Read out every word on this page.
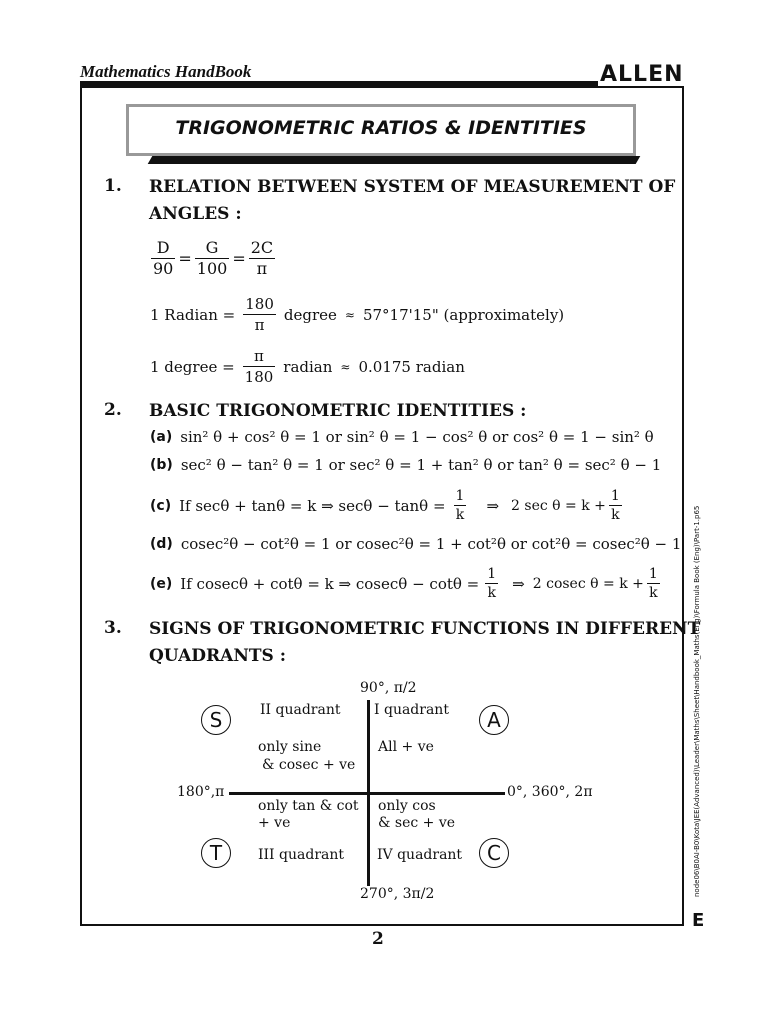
Mathematics HandBook	ALLEN
TRIGONOMETRIC RATIOS & IDENTITIES
1. RELATION BETWEEN SYSTEM OF MEASUREMENT OF
ANGLES :
$\frac{D}{90} = \frac{G}{100} = \frac{2C}{\pi}$
1 Radian = $\frac{180}{\pi}$ degree ≈ 57°17'15" (approximately)
1 degree = $\frac{\pi}{180}$ radian ≈ 0.0175 radian
2. BASIC TRIGONOMETRIC IDENTITIES :
(a) sin² θ + cos² θ = 1 or sin² θ = 1 − cos² θ or cos² θ = 1 − sin² θ
(b) sec² θ − tan² θ = 1 or sec² θ = 1 + tan² θ or tan² θ = sec² θ − 1
(c) If secθ + tanθ = k ⇒ $\sec\theta - \tan\theta = \frac{1}{k}$ ⇒ 2 $\sec \theta = k + \frac{1}{k}$
(d) cosec²θ − cot²θ = 1 or cosec²θ = 1 + cot²θ or cot²θ = cosec²θ − 1
(e) If cosecθ + cotθ = k ⇒ $cosec\theta - \cot\theta = \frac{1}{k}$ ⇒ 2 cosec $\theta = k + \frac{1}{k}$
3. SIGNS OF TRIGONOMETRIC FUNCTIONS IN DIFFERENT
QUADRANTS :
90°, π/2
270°, 3π/2
180°,π	0°, 360°, 2π
S	A
T	C
II quadrant
only sine
& cosec + ve
I quadrant
All + ve
only tan & cot
+ ve
III quadrant
only cos
& sec + ve
IV quadrant
2
node06\B0AI-B0\Kota\JEE(Advanced)\Leader\Maths\Sheet\Handbook_Maths(Eng)\Formula Book (Eng)\Part-1.p65
E
